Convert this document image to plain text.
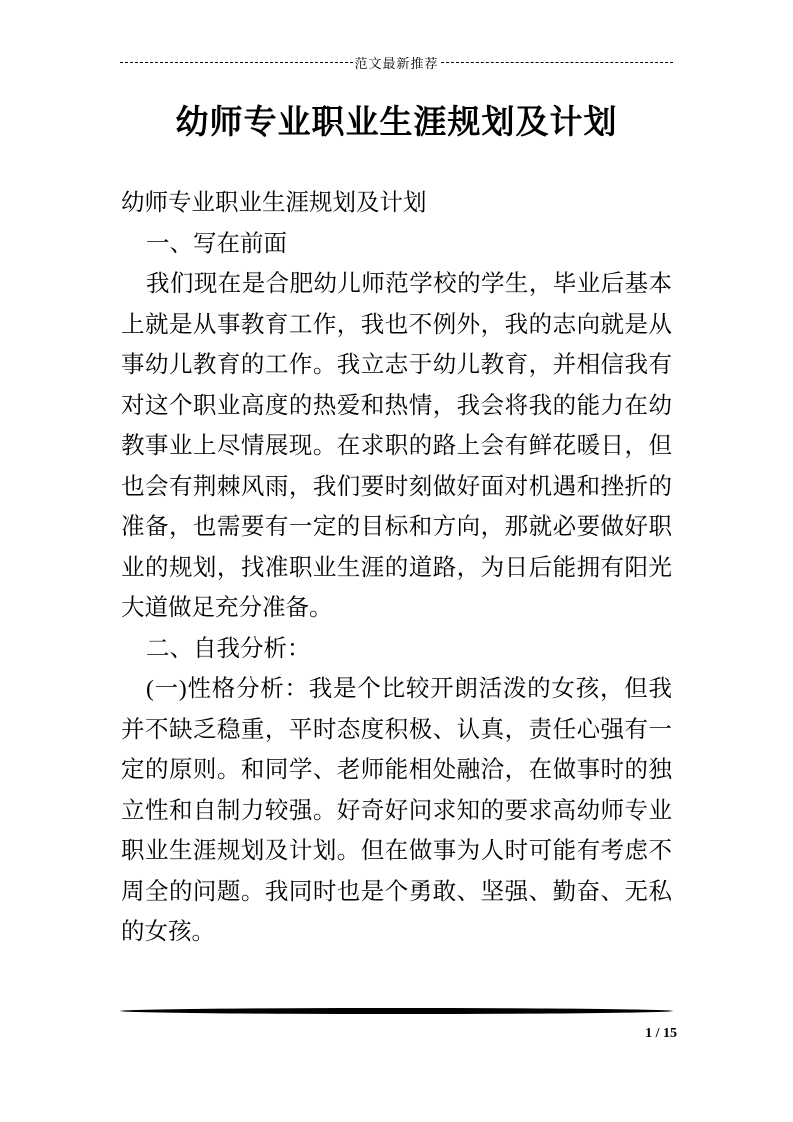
范文最新推荐
幼师专业职业生涯规划及计划
幼师专业职业生涯规划及计划
一、写在前面
我们现在是合肥幼儿师范学校的学生，毕业后基本
上就是从事教育工作，我也不例外，我的志向就是从
事幼儿教育的工作。我立志于幼儿教育，并相信我有
对这个职业高度的热爱和热情，我会将我的能力在幼
教事业上尽情展现。在求职的路上会有鲜花暖日，但
也会有荆棘风雨，我们要时刻做好面对机遇和挫折的
准备，也需要有一定的目标和方向，那就必要做好职
业的规划，找准职业生涯的道路，为日后能拥有阳光
大道做足充分准备。
二、自我分析：
(一)性格分析：我是个比较开朗活泼的女孩，但我
并不缺乏稳重，平时态度积极、认真，责任心强有一
定的原则。和同学、老师能相处融洽，在做事时的独
立性和自制力较强。好奇好问求知的要求高幼师专业
职业生涯规划及计划。但在做事为人时可能有考虑不
周全的问题。我同时也是个勇敢、坚强、勤奋、无私
的女孩。
1 / 15
